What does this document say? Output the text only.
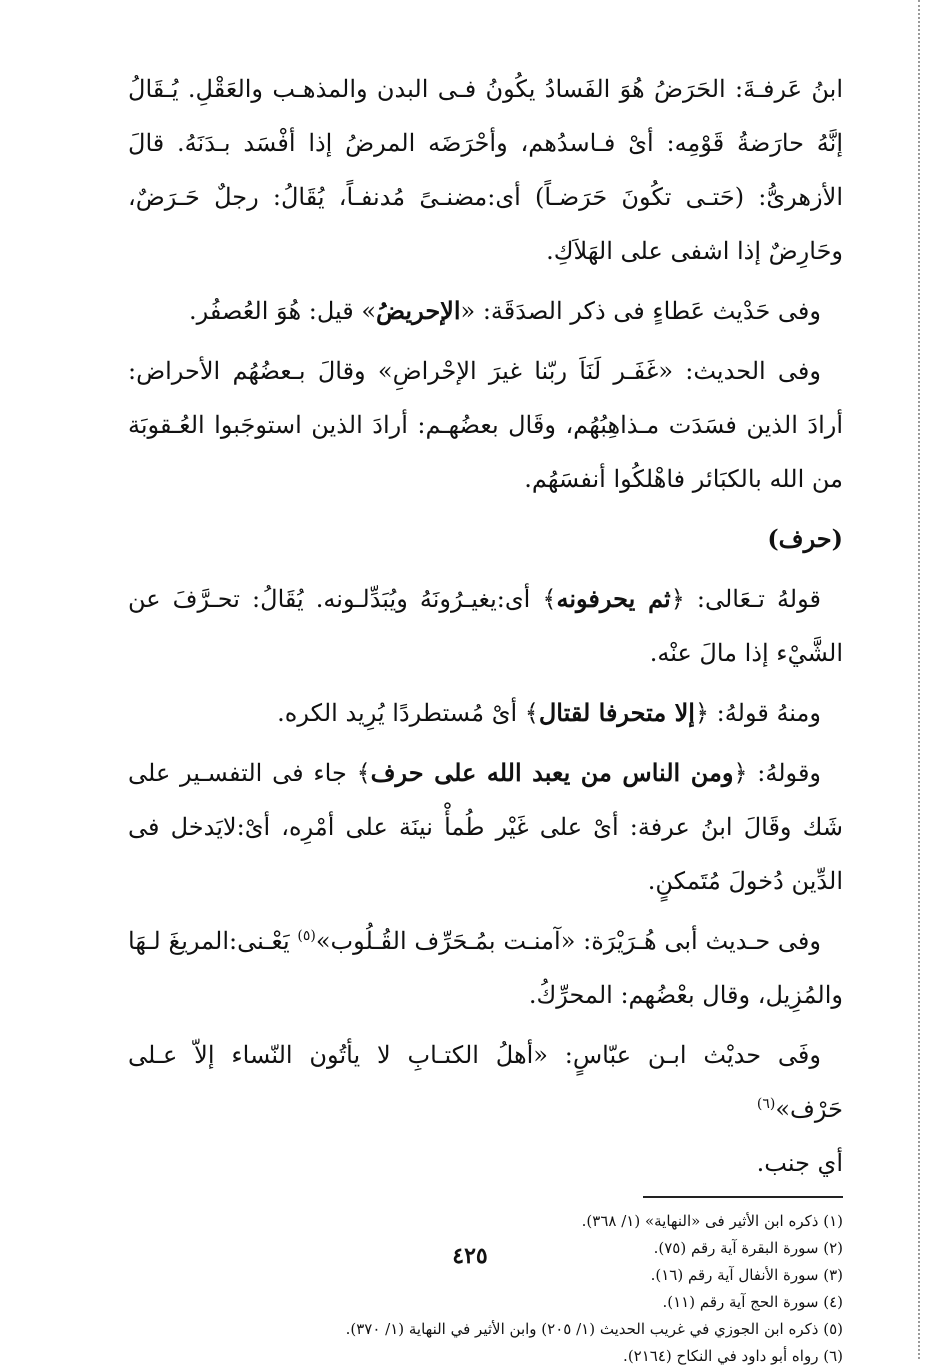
ابنُ عَرفـةَ: الحَرَضُ هُوَ الفَسادُ يكُونُ فـى البدن والمذهـب والعَقْلِ. يُـقَالُ إنَّهُ حارَضةُ قَوْمِه: أىْ فـاسدُهم، وأحْرَضَه المرضُ إذا أفْسَد بـدَنَهُ. قالَ الأزهرىُّ: (حَتـى تكُونَ حَرَضـاً) أى:مضنـىً مُدنفـاً، يُقَالُ: رجلٌ حَـرَضٌ، وحَارِضٌ إذا اشفى على الهَلاَكِ.

وفى حَدْيث عَطاءٍ فى ذكر الصدَقَة: «الإحريضُ» قيل: هُوَ العُصفُر.

وفى الحديث: «غَفَـر لَنَاَ ربّنا غيرَ الإحْراضِ» وقالَ بـعضُهُم الأحراض: أرادَ الذين فسَدَت مـذاهِبُهُم، وقَال بعضُهـم: أرادَ الذين استوجَبوا العُـقوبَة من الله بالكبَائر فاهْلكُوا أنفسَهُم.

(حرف)

قولهُ تـعَالى: ﴿ثم يحرفونه﴾ أى:يغيـرُونَهُ ويُبَدِّلـونه. يُقَالُ: تحـرَّفَ عن الشَّيْء إذا مالَ عنْه.

ومنهُ قولهُ: ﴿إلا متحرفا لقتال﴾ أىْ مُستطردًا يُرِيد الكره.

وقولهُ: ﴿ومن الناس من يعبد الله على حرف﴾ جاء فى التفسـير على شَك وقَالَ ابنُ عرفة: أىْ على غَيْر طُمأْ نينَة على أمْرِه، أىْ:لايَدخل فى الدِّين دُخولَ مُتَمكنٍ.

وفى حـديث أبى هُـرَيْرَة: «آمنـت بمُـحَرِّف القُـلُوب»$^{(٥)}$ يَعْـنى:المريغَ لـهَا والمُزِيل، وقال بعْضُهم: المحرِّكُ.

وفَى حديْث ابـن عبّاسٍ: «أهلُ الكتـابِ لا يأتُون النّساء إلاّ عـلى حَرْف»$^{(٦)}$
أي جنب.

(١) ذكره ابن الأثير فى «النهاية» (١/ ٣٦٨).

(٢) سورة البقرة آية رقم (٧٥).

(٣) سورة الأنفال آية رقم (١٦).

(٤) سورة الحج آية رقم (١١).

(٥) ذكره ابن الجوزي في غريب الحديث (١/ ٢٠٥) وابن الأثير في النهاية (١/ ٣٧٠).

(٦) رواه أبو داود في النكاح (٢١٦٤).

٤٢٥
